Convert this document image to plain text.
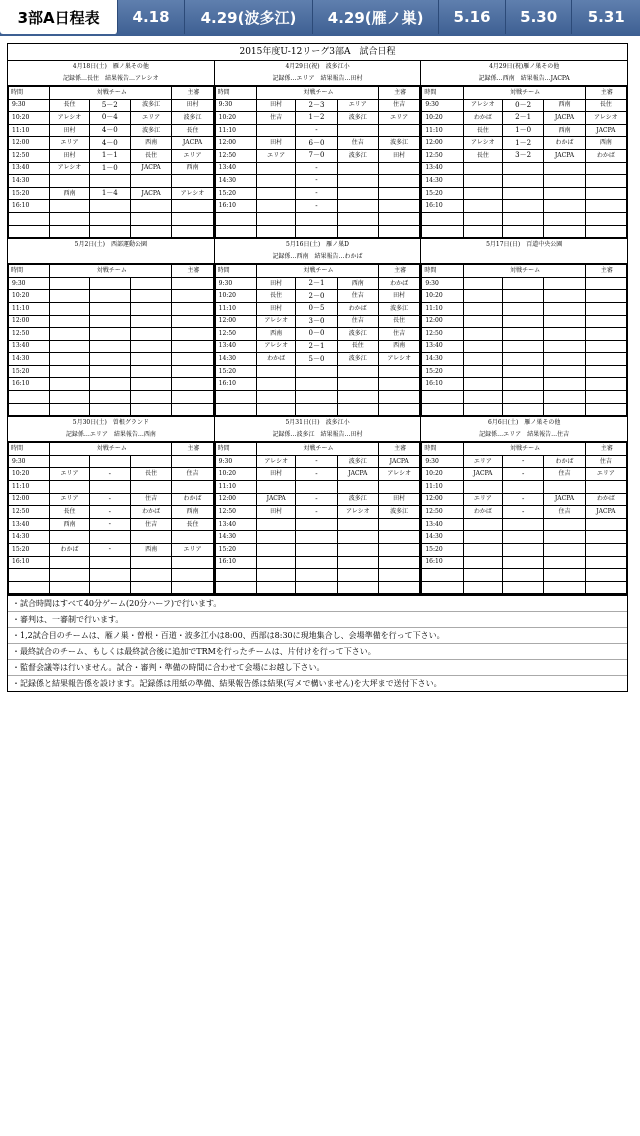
3部A日程表	4.18	4.29(波多江)	4.29(雁ノ巣)	5.16	5.30	5.31
2015年度U-12リーグ3部A　試合日程
4月18日(土)　雁ノ巣その他
記録係…長住　結果報告…アレシオ
時間	対戦チーム			主審
9:30	長住	5－2	波多江	田村
10:20	アレシオ	0－4	エリア	波多江
11:10	田村	4－0	波多江	長住
12:00	エリア	4－0	西南	JACPA
12:50	田村	1－1	長住	エリア
13:40	アレシオ	1－0	JACPA	西南
14:30				
15:20	西南	1－4	JACPA	アレシオ
16:10				

4月29日(祝)　波多江小
記録係…エリア　結果報告…田村
時間	対戦チーム			主審
9:30	田村	2－3	エリア	住吉
10:20	住吉	1－2	波多江	エリア
11:10		-		
12:00	田村	6－0	住吉	波多江
12:50	エリア	7－0	波多江	田村
13:40		-		
14:30		-		
15:20		-		
16:10		-		

4月29日(祝)雁ノ巣その他
記録係…西南　結果報告…JACPA
時間	対戦チーム			主審
9:30	アレシオ	0－2	西南	長住
10:20	わかば	2－1	JACPA	アレシオ
11:10	長住	1－0	西南	JACPA
12:00	アレシオ	1－2	わかば	西南
12:50	長住	3－2	JACPA	わかば
13:40				
14:30				
15:20				
16:10				

5月2日(土)　西部運動公園
時間	対戦チーム			主審
9:30				
10:20				
11:10				
12:00				
12:50				
13:40				
14:30				
15:20				
16:10				

5月16日(土)　雁ノ巣D
記録係…西南　結果報告…わかば
時間	対戦チーム			主審
9:30	田村	2－1	西南	わかば
10:20	長住	2－0	住吉	田村
11:10	田村	0－5	わかば	波多江
12:00	アレシオ	3－0	住吉	長住
12:50	西南	0－0	波多江	住吉
13:40	アレシオ	2－1	長住	西南
14:30	わかば	5－0	波多江	アレシオ
15:20				
16:10				

5月17日(日)　百道中央公園
時間	対戦チーム			主審
9:30				
10:20				
11:10				
12:00				
12:50				
13:40				
14:30				
15:20				
16:10				

5月30日(土)　曽根グランド
記録係…エリア　結果報告…西南
時間	対戦チーム			主審
9:30				
10:20	エリア	-	長住	住吉
11:10				
12:00	エリア	-	住吉	わかば
12:50	長住	-	わかば	西南
13:40	西南	-	住吉	長住
14:30				
15:20	わかば	-	西南	エリア
16:10				

5月31日(日)　波多江小
記録係…波多江　結果報告…田村
時間	対戦チーム			主審
9:30	アレシオ	-	波多江	JACPA
10:20	田村	-	JACPA	アレシオ
11:10				
12:00	JACPA	-	波多江	田村
12:50	田村	-	アレシオ	波多江
13:40				
14:30				
15:20				
16:10				

6月6日(土)　雁ノ巣その他
記録係…エリア　結果報告…住吉
時間	対戦チーム			主審
9:30	エリア	-	わかば	住吉
10:20	JACPA	-	住吉	エリア
11:10				
12:00	エリア	-	JACPA	わかば
12:50	わかば	-	住吉	JACPA
13:40				
14:30				
15:20				
16:10				

・試合時間はすべて40分ゲーム(20分ハーフ)で行います。
・審判は、一審制で行います。
・1,2試合目のチームは、雁ノ巣・曽根・百道・波多江小は8:00、西部は8:30に現地集合し、会場準備を行って下さい。
・最終試合のチーム、もしくは最終試合後に追加でTRMを行ったチームは、片付けを行って下さい。
・監督会議等は行いません。試合・審判・準備の時間に合わせて会場にお越し下さい。
・記録係と結果報告係を設けます。記録係は用紙の準備、結果報告係は結果(写メで構いません)を大坪まで送付下さい。
